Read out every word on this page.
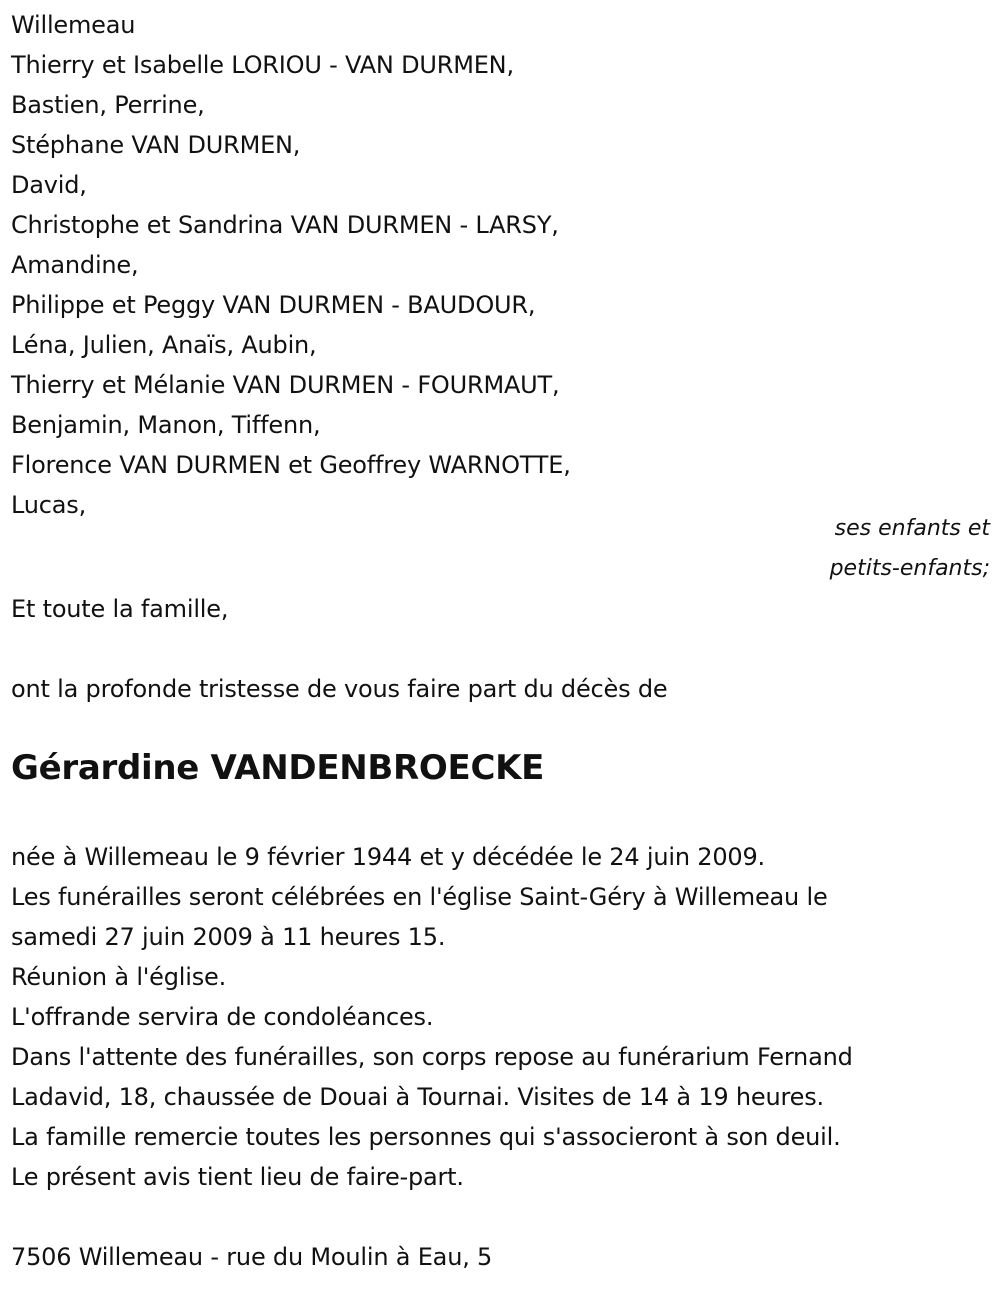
Willemeau
Thierry et Isabelle LORIOU - VAN DURMEN,
Bastien, Perrine,
Stéphane VAN DURMEN,
David,
Christophe et Sandrina VAN DURMEN - LARSY,
Amandine,
Philippe et Peggy VAN DURMEN - BAUDOUR,
Léna, Julien, Anaïs, Aubin,
Thierry et Mélanie VAN DURMEN - FOURMAUT,
Benjamin, Manon, Tiffenn,
Florence VAN DURMEN et Geoffrey WARNOTTE,
Lucas,
ses enfants et
petits-enfants;
Et toute la famille,
ont la profonde tristesse de vous faire part du décès de
Gérardine VANDENBROECKE
née à Willemeau le 9 février 1944 et y décédée le 24 juin 2009.
Les funérailles seront célébrées en l'église Saint-Géry à Willemeau le
samedi 27 juin 2009 à 11 heures 15.
Réunion à l'église.
L'offrande servira de condoléances.
Dans l'attente des funérailles, son corps repose au funérarium Fernand
Ladavid, 18, chaussée de Douai à Tournai. Visites de 14 à 19 heures.
La famille remercie toutes les personnes qui s'associeront à son deuil.
Le présent avis tient lieu de faire-part.
7506 Willemeau - rue du Moulin à Eau, 5
